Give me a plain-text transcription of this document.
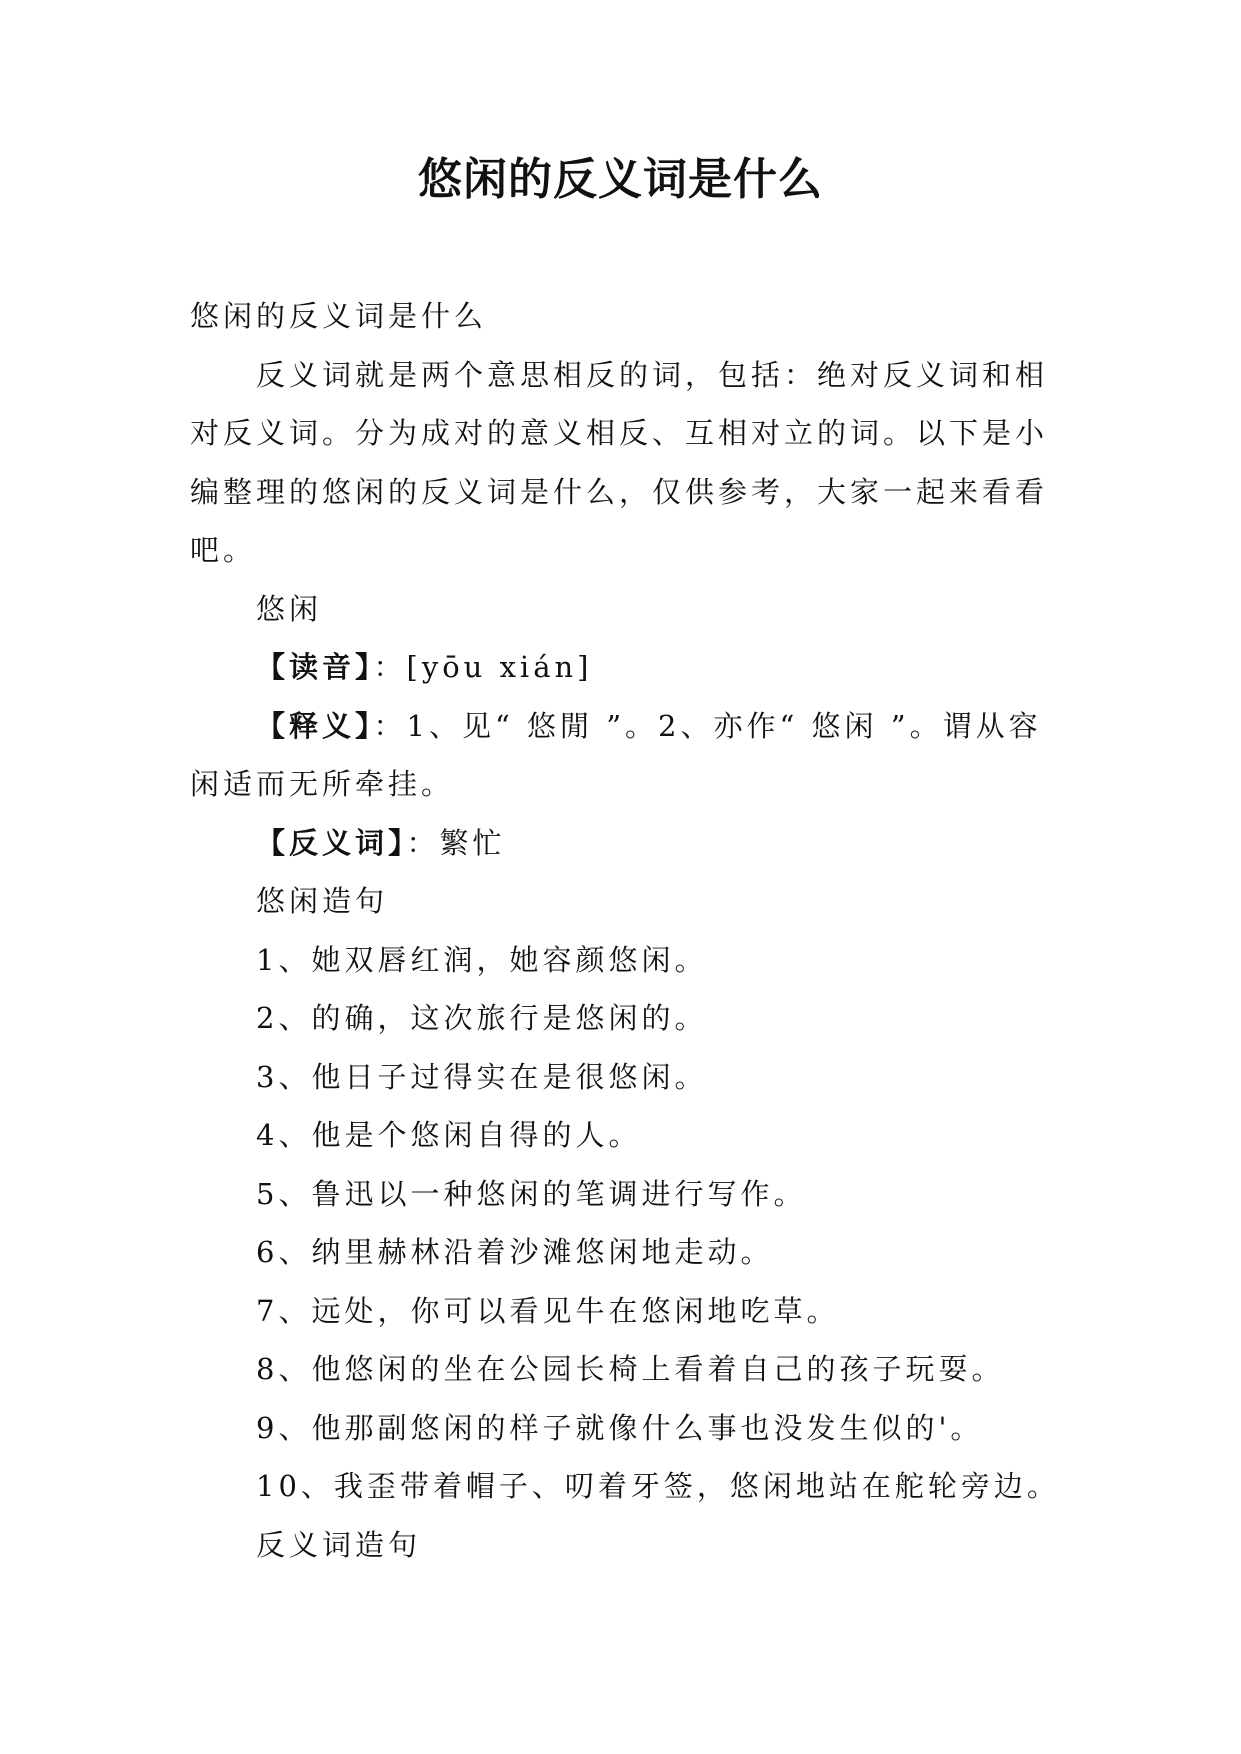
悠闲的反义词是什么

悠闲的反义词是什么

反义词就是两个意思相反的词，包括：绝对反义词和相对反义词。分为成对的意义相反、互相对立的词。以下是小编整理的悠闲的反义词是什么，仅供参考，大家一起来看看吧。

悠闲

【读音】：[yōu xián]

【释义】：1、见“ 悠閒 ”。2、亦作“ 悠闲 ”。谓从容闲适而无所牵挂。

【反义词】：繁忙

悠闲造句

1、她双唇红润，她容颜悠闲。

2、的确，这次旅行是悠闲的。

3、他日子过得实在是很悠闲。

4、他是个悠闲自得的人。

5、鲁迅以一种悠闲的笔调进行写作。

6、纳里赫林沿着沙滩悠闲地走动。

7、远处，你可以看见牛在悠闲地吃草。

8、他悠闲的坐在公园长椅上看着自己的孩子玩耍。

9、他那副悠闲的样子就像什么事也没发生似的'。

10、我歪带着帽子、叨着牙签，悠闲地站在舵轮旁边。

反义词造句
